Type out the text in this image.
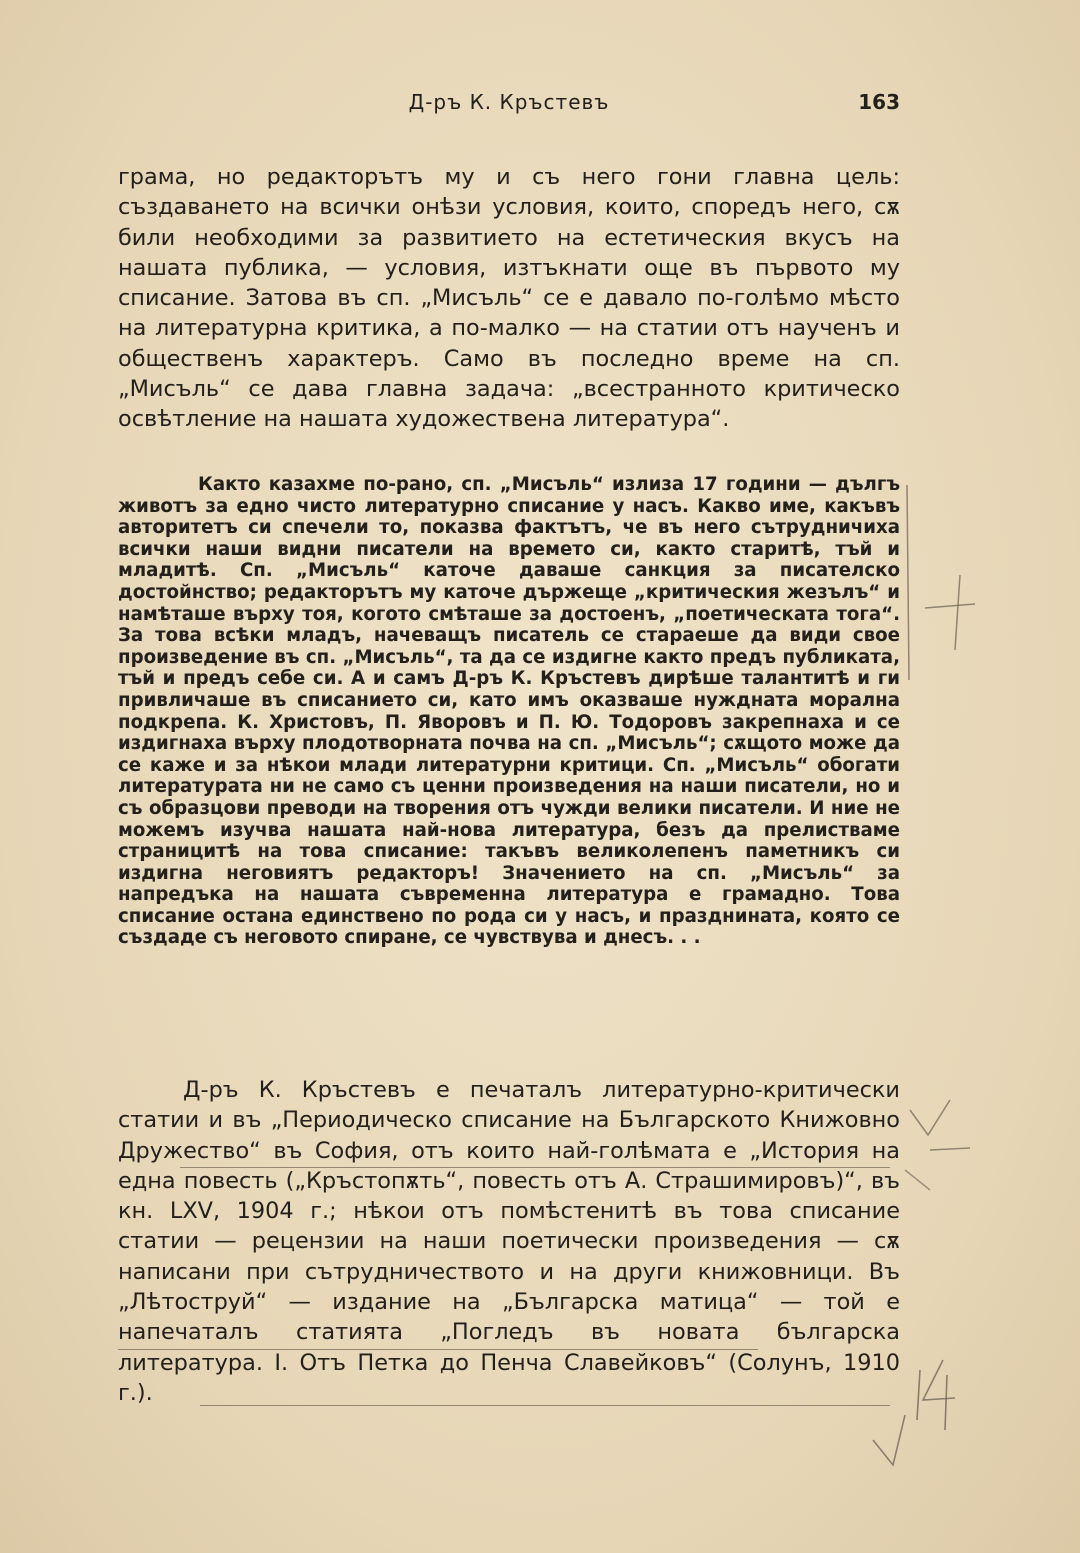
Д-ръ К. Кръстевъ	163

грама, но редакторътъ му и съ него гони главна цель: създаването на всички онѣзи условия, които, споредъ него, сѫ били необходими за развитието на естетическия вкусъ на нашата публика, — условия, изтъкнати още въ първото му списание. Затова въ сп. „Мисъль“ се е давало по-голѣмо мѣсто на литературна критика, а по-малко — на статии отъ наученъ и общественъ характеръ. Само въ последно време на сп. „Мисъль“ се дава главна задача: „всестранното критическо освѣтление на нашата художествена литература“.

Както казахме по-рано, сп. „Мисъль“ излиза 17 години — дългъ животъ за едно чисто литературно списание у насъ. Какво име, какъвъ авторитетъ си спечели то, показва фактътъ, че въ него сътрудничиха всички наши видни писатели на времето си, както старитѣ, тъй и младитѣ. Сп. „Мисъль“ каточе даваше санкция за писателско достойнство; редакторътъ му каточе държеще „критическия жезълъ“ и намѣташе върху тоя, когото смѣташе за достоенъ, „поетическата тога“. За това всѣки младъ, начеващъ писатель се стараеше да види свое произведение въ сп. „Мисъль“, та да се издигне както предъ публиката, тъй и предъ себе си. А и самъ Д-ръ К. Кръстевъ дирѣше талантитѣ и ги привличаше въ списанието си, като имъ оказваше нуждната морална подкрепа. К. Христовъ, П. Яворовъ и П. Ю. Тодоровъ закрепнаха и се издигнаха върху плодотворната почва на сп. „Мисъль“; сѫщото може да се каже и за нѣкои млади литературни критици. Сп. „Мисъль“ обогати литературата ни не само съ ценни произведения на наши писатели, но и съ образцови преводи на творения отъ чужди велики писатели. И ние не можемъ изучва нашата най-нова литература, безъ да прелистваме страницитѣ на това списание: такъвъ великолепенъ паметникъ си издигна неговиятъ редакторъ! Значението на сп. „Мисъль“ за напредъка на нашата съвременна литература е грамадно. Това списание остана единствено по рода си у насъ, и празднината, която се създаде съ неговото спиране, се чувствува и днесъ. . .

Д-ръ К. Кръстевъ е печаталъ литературно-критически статии и въ „Периодическо списание на Българското Книжовно Дружество“ въ София, отъ които най-голѣмата е „История на една повесть („Кръстопѫть“, повесть отъ А. Страшимировъ)“, въ кн. LXV, 1904 г.; нѣкои отъ помѣстенитѣ въ това списание статии — рецензии на наши поетически произведения — сѫ написани при сътрудничеството и на други книжовници. Въ „Лѣтоструй“ — издание на „Българска матица“ — той е напечаталъ статията „Погледъ въ новата българска литература. I. Отъ Петка до Пенча Славейковъ“ (Солунъ, 1910 г.).
